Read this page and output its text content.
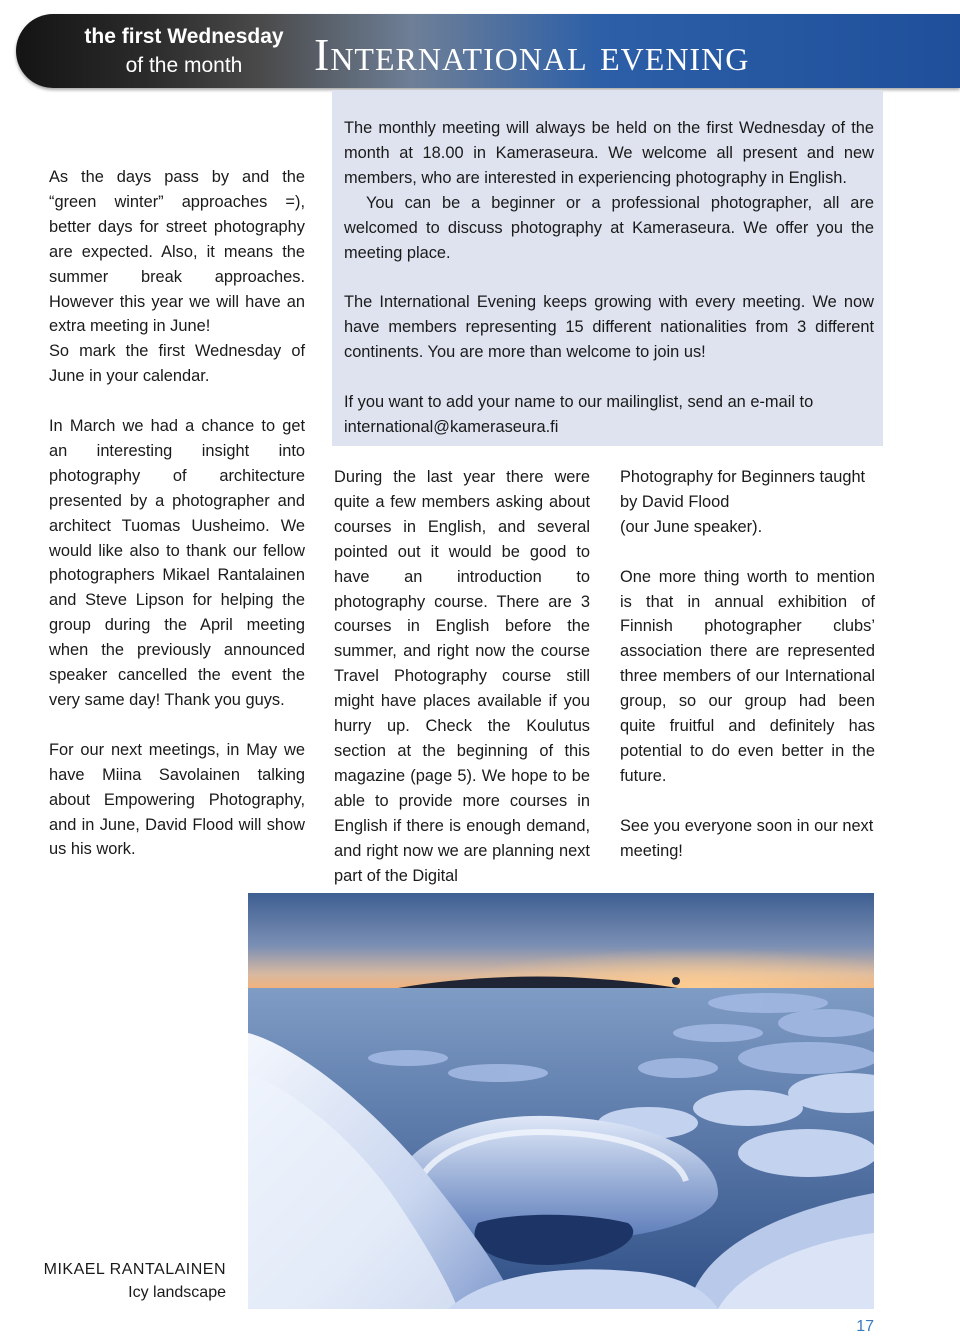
the first Wednesday
of the month	International evening

As the days pass by and the “green winter” approaches =), better days for street photography are expected. Also, it means the summer break approaches. However this year we will have an extra meeting in June!
So mark the first Wednesday of June in your calendar.

In March we had a chance to get an interesting insight into photography of architecture presented by a photographer and architect Tuomas Uusheimo. We would like also to thank our fellow photographers Mikael Rantalainen and Steve Lipson for helping the group during the April meeting when the previously announced speaker cancelled the event the very same day! Thank you guys.

For our next meetings, in May we have Miina Savolainen talking about Empowering Photography, and in June, David Flood will show us his work.

The monthly meeting will always be held on the first Wednesday of the month at 18.00 in Kameraseura. We welcome all present and new members, who are interested in experiencing photography in English.

You can be a beginner or a professional photographer, all are welcomed to discuss photography at Kameraseura. We offer you the meeting place.

The International Evening keeps growing with every meeting. We now have members representing 15 different nationalities from 3 different continents. You are more than welcome to join us!

If you want to add your name to our mailinglist, send an e-mail to international@kameraseura.fi

During the last year there were quite a few members asking about courses in English, and several pointed out it would be good to have an introduction to photography course. There are 3 courses in English before the summer, and right now the course Travel Photography course still might have places available if you hurry up. Check the Koulutus section at the beginning of this magazine (page 5). We hope to be able to provide more courses in English if there is enough demand, and right now we are planning next part of the Digital

Photography for Beginners taught by David Flood
(our June speaker).

One more thing worth to mention is that in annual exhibition of Finnish photographer clubs’ association there are represented three members of our International group, so our group had been quite fruitful and definitely has potential to do even better in the future.

See you everyone soon in our next meeting!

MIKAEL RANTALAINEN
Icy landscape
17
